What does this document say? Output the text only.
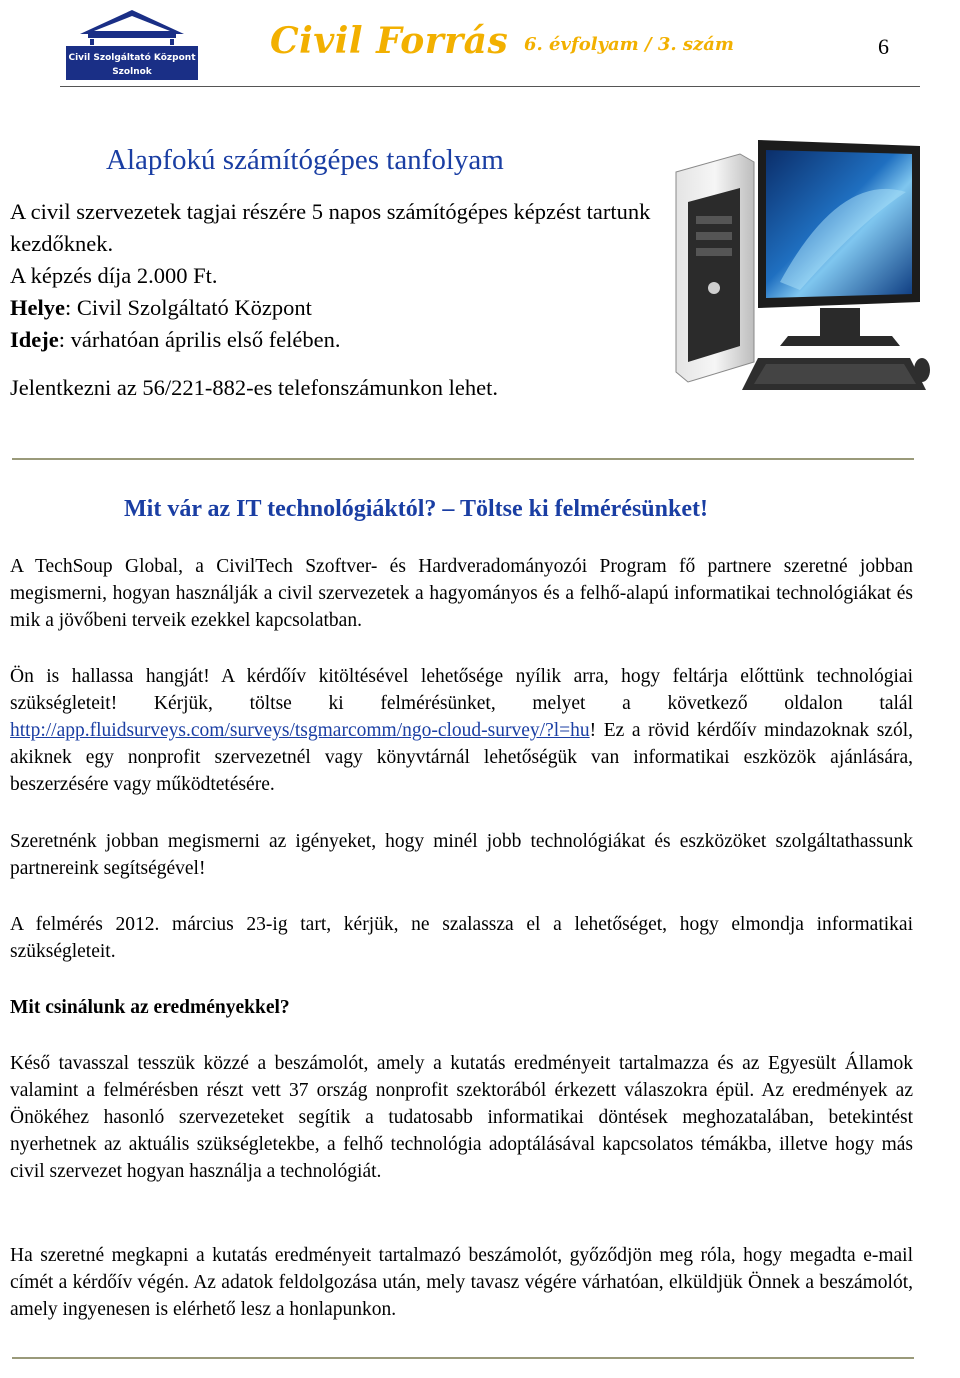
Civil Szolgáltató Központ
Szolnok
Civil Forrás 6. évfolyam / 3. szám	6
Alapfokú számítógépes tanfolyam

A civil szervezetek tagjai részére 5 napos számítógépes képzést tartunk kezdőknek.

A képzés díja 2.000 Ft.

Helye: Civil Szolgáltató Központ

Ideje: várhatóan április első felében.

Jelentkezni az 56/221-882-es telefonszámunkon lehet.

Mit vár az IT technológiáktól? – Töltse ki felmérésünket!

A TechSoup Global, a CivilTech Szoftver- és Hardveradományozói Program fő partnere szeretné jobban megismerni, hogyan használják a civil szervezetek a hagyományos és a felhő-alapú informatikai technológiákat és mik a jövőbeni terveik ezekkel kapcsolatban.

Ön is hallassa hangját! A kérdőív kitöltésével lehetősége nyílik arra, hogy feltárja előttünk technológiai szükségleteit! Kérjük, töltse ki felmérésünket, melyet a következő oldalon talál http://app.fluidsurveys.com/surveys/tsgmarcomm/ngo-cloud-survey/?l=hu! Ez a rövid kérdőív mindazoknak szól, akiknek egy nonprofit szervezetnél vagy könyvtárnál lehetőségük van informatikai eszközök ajánlására, beszerzésére vagy működtetésére.

Szeretnénk jobban megismerni az igényeket, hogy minél jobb technológiákat és eszközöket szolgáltathassunk partnereink segítségével!

A felmérés 2012. március 23-ig tart, kérjük, ne szalassza el a lehetőséget, hogy elmondja informatikai szükségleteit.

Mit csinálunk az eredményekkel?

Késő tavasszal tesszük közzé a beszámolót, amely a kutatás eredményeit tartalmazza és az Egyesült Államok valamint a felmérésben részt vett 37 ország nonprofit szektorából érkezett válaszokra épül. Az eredmények az Önökéhez hasonló szervezeteket segítik a tudatosabb informatikai döntések meghozatalában, betekintést nyerhetnek az aktuális szükségletekbe, a felhő technológia adoptálásával kapcsolatos témákba, illetve hogy más civil szervezet hogyan használja a technológiát.

Ha szeretné megkapni a kutatás eredményeit tartalmazó beszámolót, győződjön meg róla, hogy megadta e-mail címét a kérdőív végén. Az adatok feldolgozása után, mely tavasz végére várhatóan, elküldjük Önnek a beszámolót, amely ingyenesen is elérhető lesz a honlapunkon.
